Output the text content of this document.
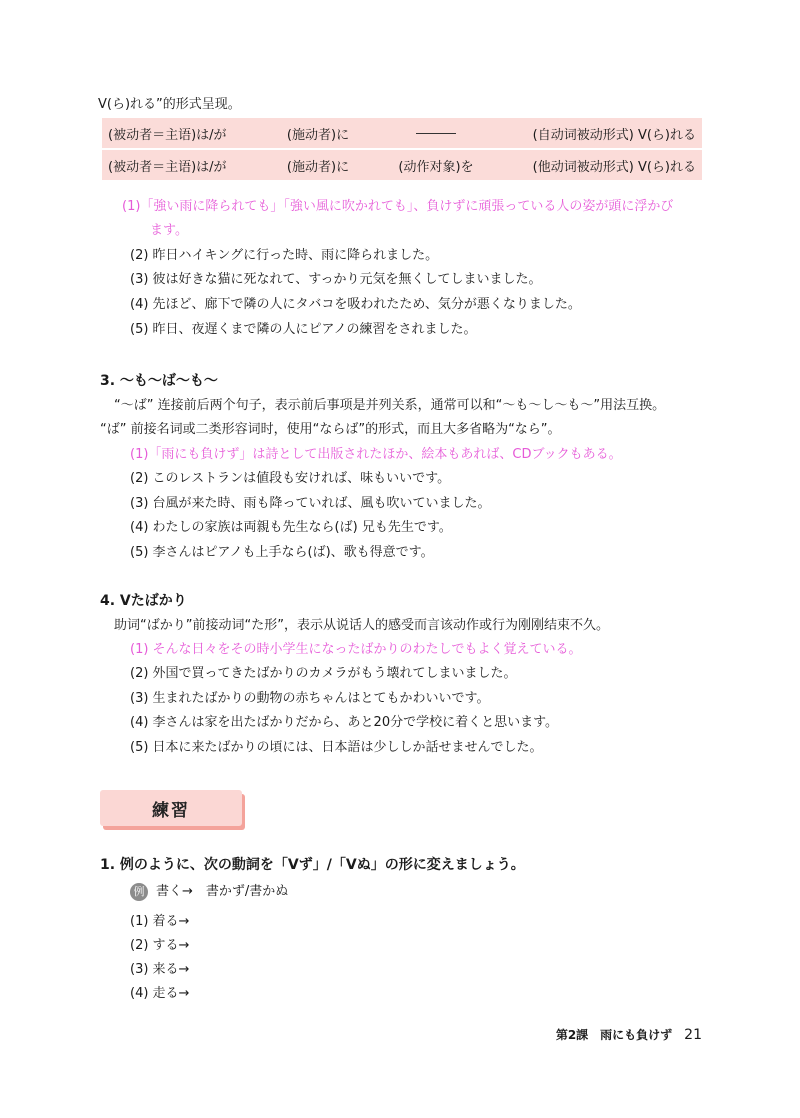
V(ら)れる”的形式呈现。
(被动者＝主语)は/が	(施动者)に		(自动词被动形式) V(ら)れる
(被动者＝主语)は/が	(施动者)に	(动作对象)を	(他动词被动形式) V(ら)れる
(1)「強い雨に降られても」「強い風に吹かれても」、負けずに頑張っている人の姿が頭に浮かび
ます。
(2) 昨日ハイキングに行った時、雨に降られました。
(3) 彼は好きな猫に死なれて、すっかり元気を無くしてしまいました。
(4) 先ほど、廊下で隣の人にタバコを吸われたため、気分が悪くなりました。
(5) 昨日、夜遅くまで隣の人にピアノの練習をされました。
3. ～も～ば～も～
“～ば” 连接前后两个句子，表示前后事项是并列关系，通常可以和“～も～し～も～”用法互换。
“ば” 前接名词或二类形容词时，使用“ならば”的形式，而且大多省略为“なら”。
(1)「雨にも負けず」は詩として出版されたほか、絵本もあれば、CDブックもある。
(2) このレストランは値段も安ければ、味もいいです。
(3) 台風が来た時、雨も降っていれば、風も吹いていました。
(4) わたしの家族は両親も先生なら(ば) 兄も先生です。
(5) 李さんはピアノも上手なら(ば)、歌も得意です。
4. Vたばかり
助词“ばかり”前接动词“た形”，表示从说话人的感受而言该动作或行为刚刚结束不久。
(1) そんな日々をその時小学生になったばかりのわたしでもよく覚えている。
(2) 外国で買ってきたばかりのカメラがもう壊れてしまいました。
(3) 生まれたばかりの動物の赤ちゃんはとてもかわいいです。
(4) 李さんは家を出たばかりだから、あと20分で学校に着くと思います。
(5) 日本に来たばかりの頃には、日本語は少ししか話せませんでした。
練習
1. 例のように、次の動詞を「Vず」/「Vぬ」の形に変えましょう。
例 書く→　書かず/書かぬ
(1) 着る→
(2) する→
(3) 来る→
(4) 走る→
第2課　雨にも負けず 21
